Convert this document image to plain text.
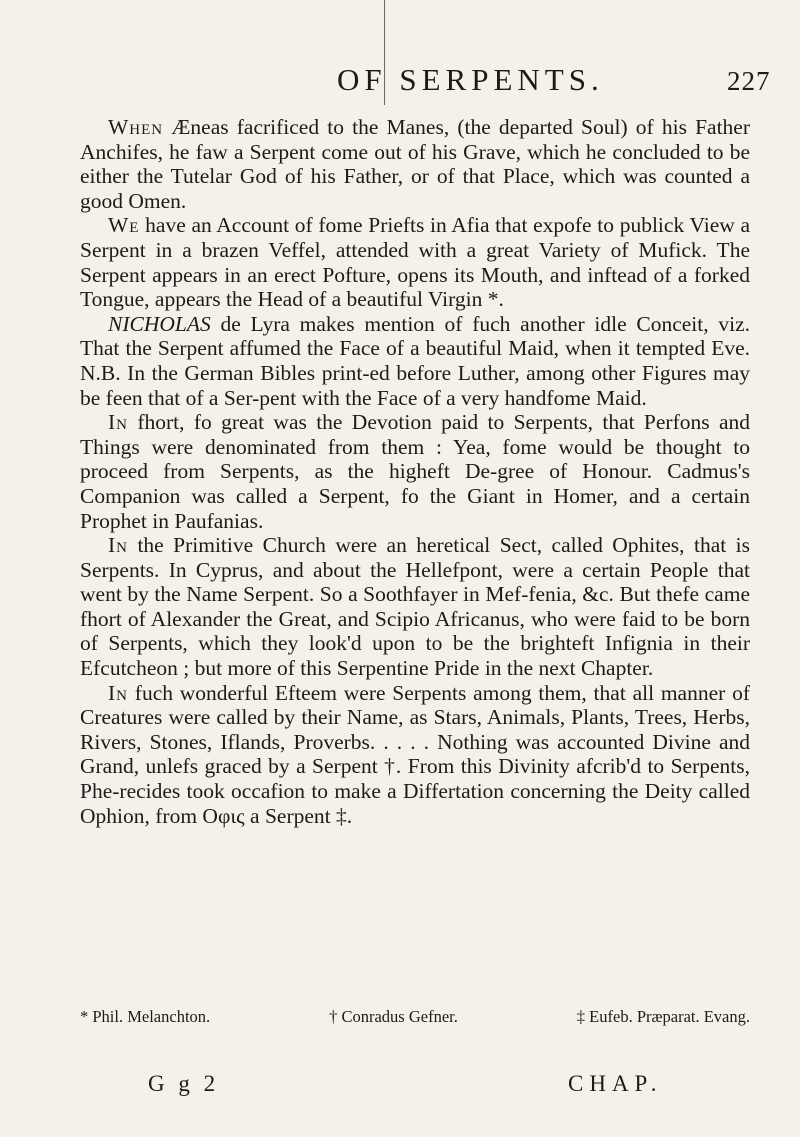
OF SERPENTS.	227

When Æneas facrificed to the Manes, (the departed Soul) of his Father Anchifes, he faw a Serpent come out of his Grave, which he concluded to be either the Tutelar God of his Father, or of that Place, which was counted a good Omen.

We have an Account of fome Priefts in Afia that expofe to publick View a Serpent in a brazen Veffel, attended with a great Variety of Mufick. The Serpent appears in an erect Pofture, opens its Mouth, and inftead of a forked Tongue, appears the Head of a beautiful Virgin *.

NICHOLAS de Lyra makes mention of fuch another idle Conceit, viz. That the Serpent affumed the Face of a beautiful Maid, when it tempted Eve. N.B. In the German Bibles print-ed before Luther, among other Figures may be feen that of a Ser-pent with the Face of a very handfome Maid.

In fhort, fo great was the Devotion paid to Serpents, that Perfons and Things were denominated from them : Yea, fome would be thought to proceed from Serpents, as the higheft De-gree of Honour. Cadmus's Companion was called a Serpent, fo the Giant in Homer, and a certain Prophet in Paufanias.

In the Primitive Church were an heretical Sect, called Ophites, that is Serpents. In Cyprus, and about the Hellefpont, were a certain People that went by the Name Serpent. So a Soothfayer in Mef-fenia, &c. But thefe came fhort of Alexander the Great, and Scipio Africanus, who were faid to be born of Serpents, which they look'd upon to be the brighteft Infignia in their Efcutcheon ; but more of this Serpentine Pride in the next Chapter.

In fuch wonderful Efteem were Serpents among them, that all manner of Creatures were called by their Name, as Stars, Animals, Plants, Trees, Herbs, Rivers, Stones, Iflands, Proverbs. . . . . Nothing was accounted Divine and Grand, unlefs graced by a Serpent †. From this Divinity afcrib'd to Serpents, Phe-recides took occafion to make a Differtation concerning the Deity called Ophion, from Οφις a Serpent ‡.

* Phil. Melanchton.	† Conradus Gefner.	‡ Eufeb. Præparat. Evang.
G g 2	CHAP.
